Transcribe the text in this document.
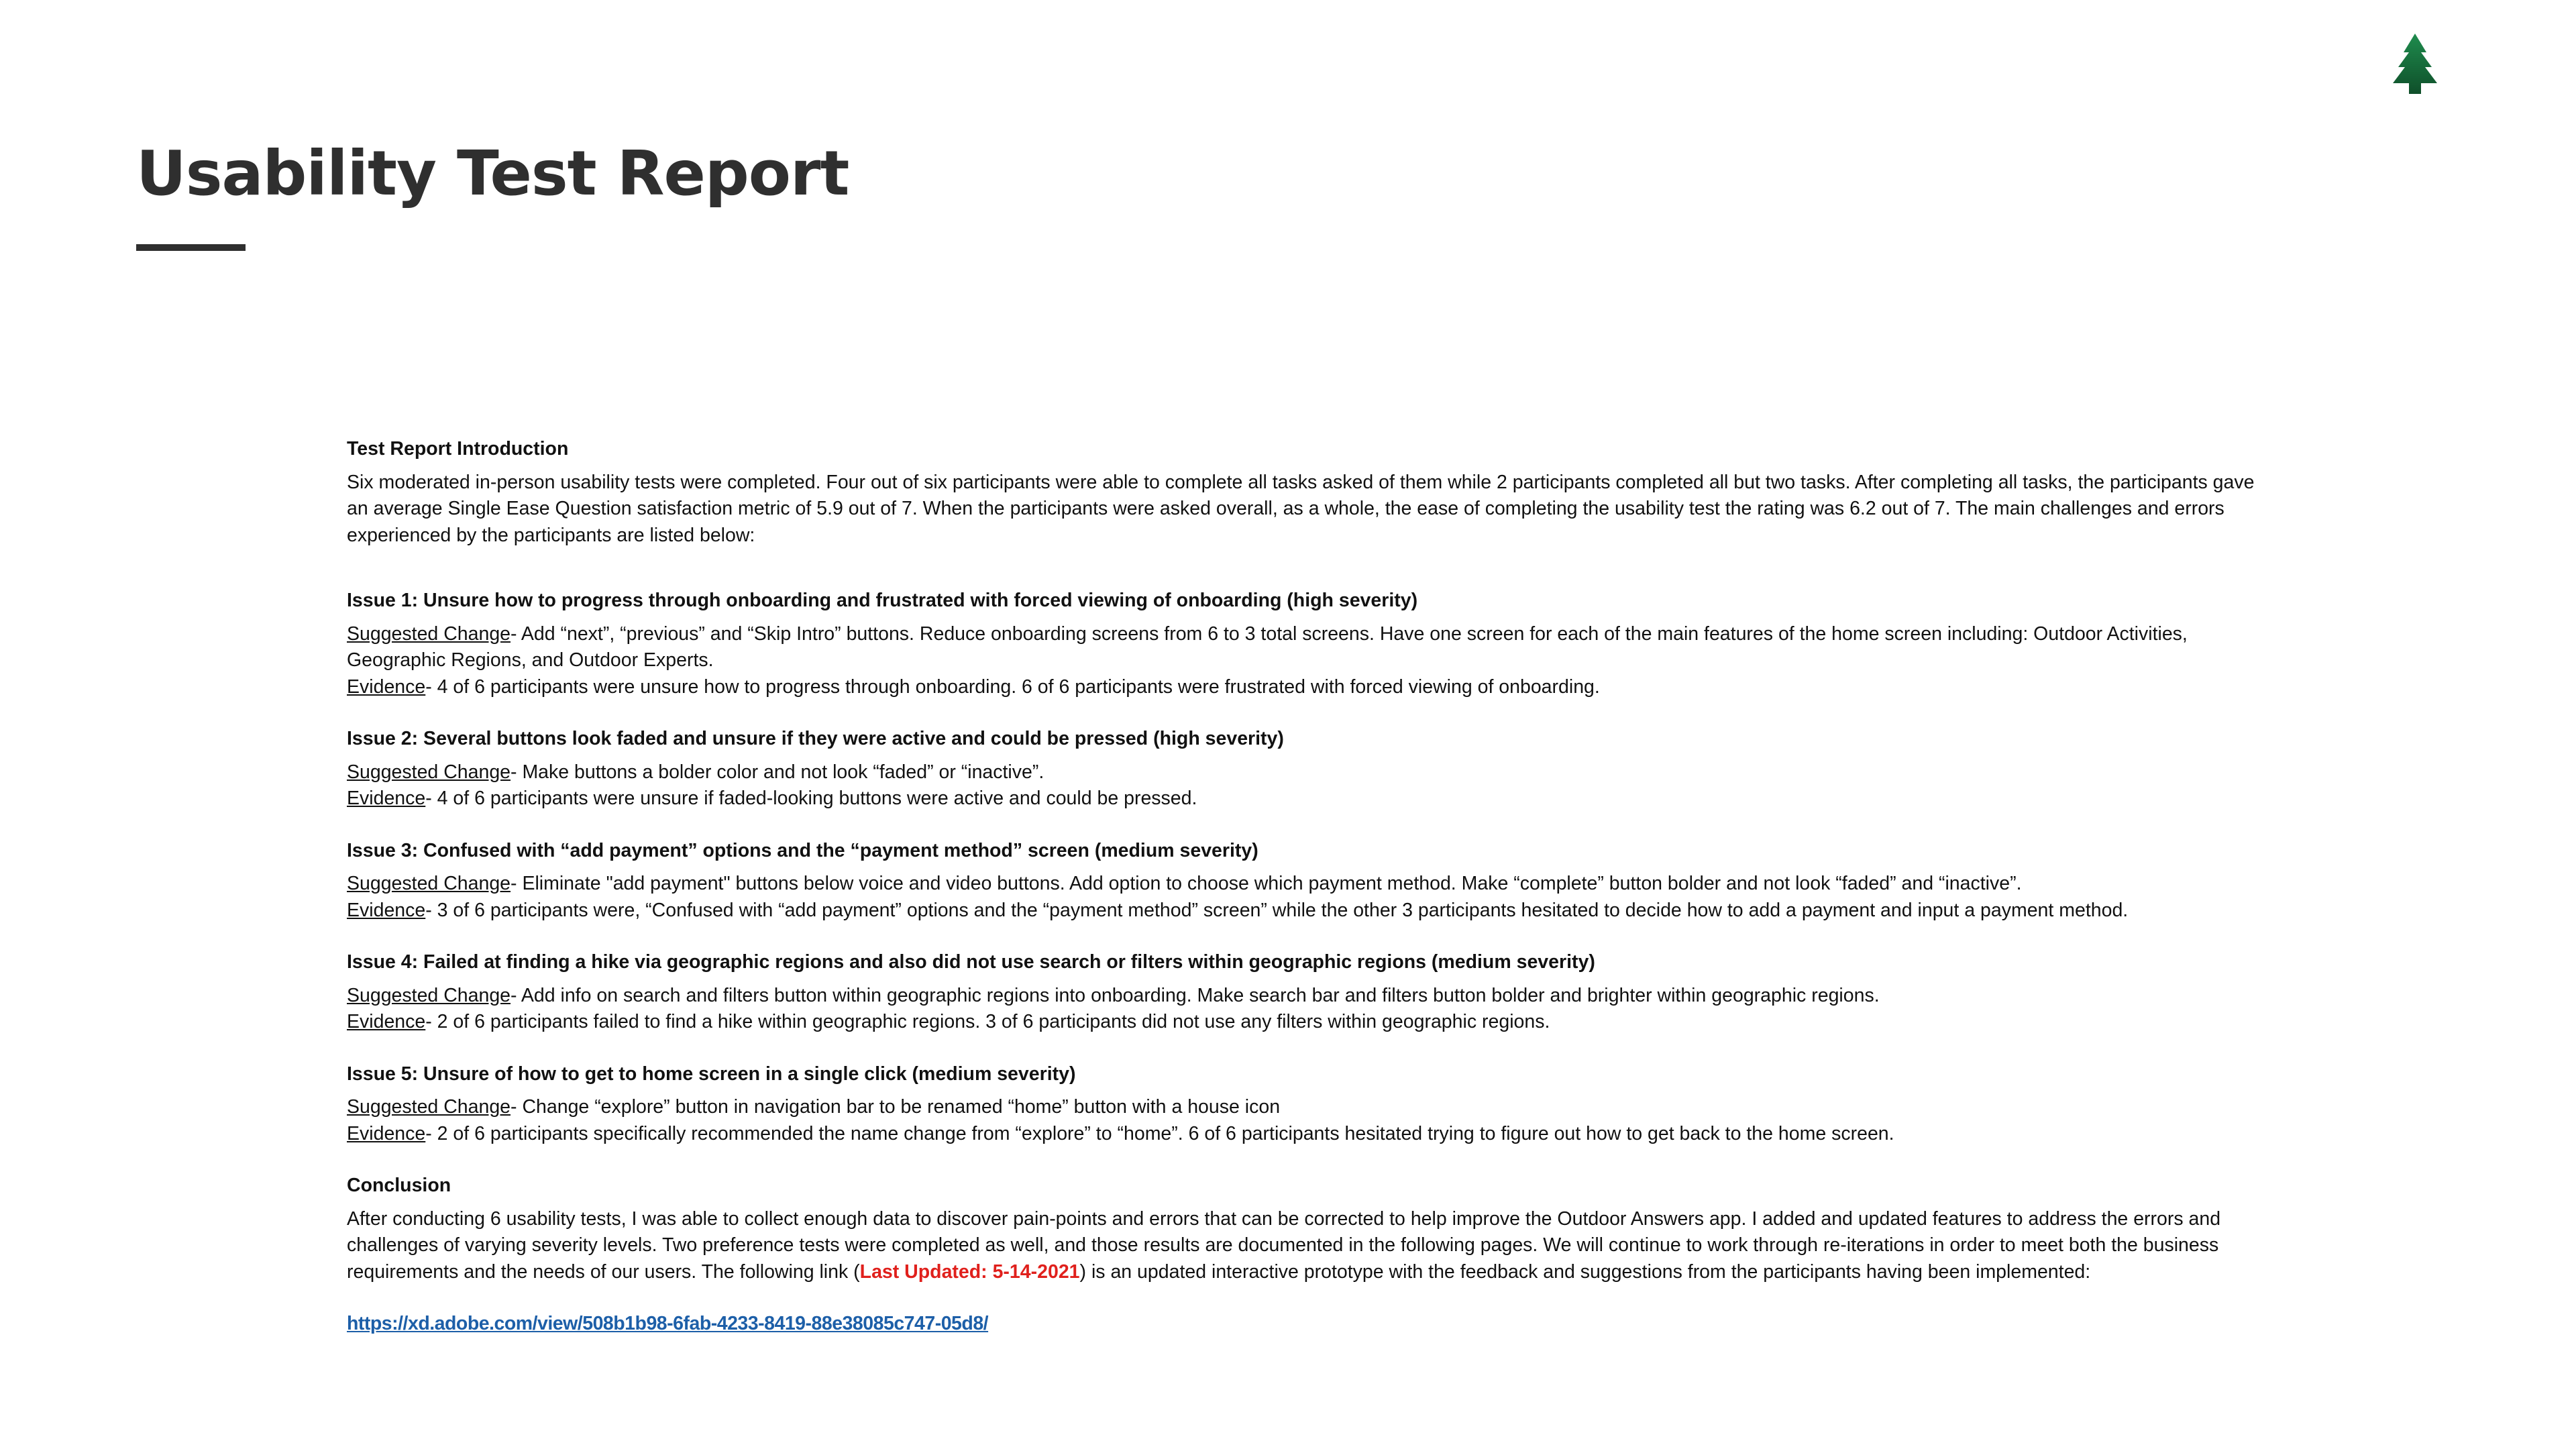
Usability Test Report
Test Report Introduction

Six moderated in-person usability tests were completed. Four out of six participants were able to complete all tasks asked of them while 2 participants completed all but two tasks. After completing all tasks, the participants gave an average Single Ease Question satisfaction metric of 5.9 out of 7. When the participants were asked overall, as a whole, the ease of completing the usability test the rating was 6.2 out of 7. The main challenges and errors experienced by the participants are listed below:

Issue 1: Unsure how to progress through onboarding and frustrated with forced viewing of onboarding (high severity)

Suggested Change- Add “next”, “previous” and “Skip Intro” buttons. Reduce onboarding screens from 6 to 3 total screens. Have one screen for each of the main features of the home screen including: Outdoor Activities, Geographic Regions, and Outdoor Experts.

Evidence- 4 of 6 participants were unsure how to progress through onboarding. 6 of 6 participants were frustrated with forced viewing of onboarding.

Issue 2: Several buttons look faded and unsure if they were active and could be pressed (high severity)

Suggested Change- Make buttons a bolder color and not look “faded” or “inactive”.

Evidence- 4 of 6 participants were unsure if faded-looking buttons were active and could be pressed.

Issue 3: Confused with “add payment” options and the “payment method” screen (medium severity)

Suggested Change- Eliminate "add payment" buttons below voice and video buttons. Add option to choose which payment method. Make “complete” button bolder and not look “faded” and “inactive”.

Evidence- 3 of 6 participants were, “Confused with “add payment” options and the “payment method” screen” while the other 3 participants hesitated to decide how to add a payment and input a payment method.

Issue 4: Failed at finding a hike via geographic regions and also did not use search or filters within geographic regions (medium severity)

Suggested Change- Add info on search and filters button within geographic regions into onboarding. Make search bar and filters button bolder and brighter within geographic regions.

Evidence- 2 of 6 participants failed to find a hike within geographic regions. 3 of 6 participants did not use any filters within geographic regions.

Issue 5: Unsure of how to get to home screen in a single click (medium severity)

Suggested Change- Change “explore” button in navigation bar to be renamed “home” button with a house icon

Evidence- 2 of 6 participants specifically recommended the name change from “explore” to “home”. 6 of 6 participants hesitated trying to figure out how to get back to the home screen.

Conclusion

After conducting 6 usability tests, I was able to collect enough data to discover pain-points and errors that can be corrected to help improve the Outdoor Answers app. I added and updated features to address the errors and challenges of varying severity levels. Two preference tests were completed as well, and those results are documented in the following pages. We will continue to work through re-iterations in order to meet both the business requirements and the needs of our users. The following link (Last Updated: 5-14-2021) is an updated interactive prototype with the feedback and suggestions from the participants having been implemented:

https://xd.adobe.com/view/508b1b98-6fab-4233-8419-88e38085c747-05d8/
